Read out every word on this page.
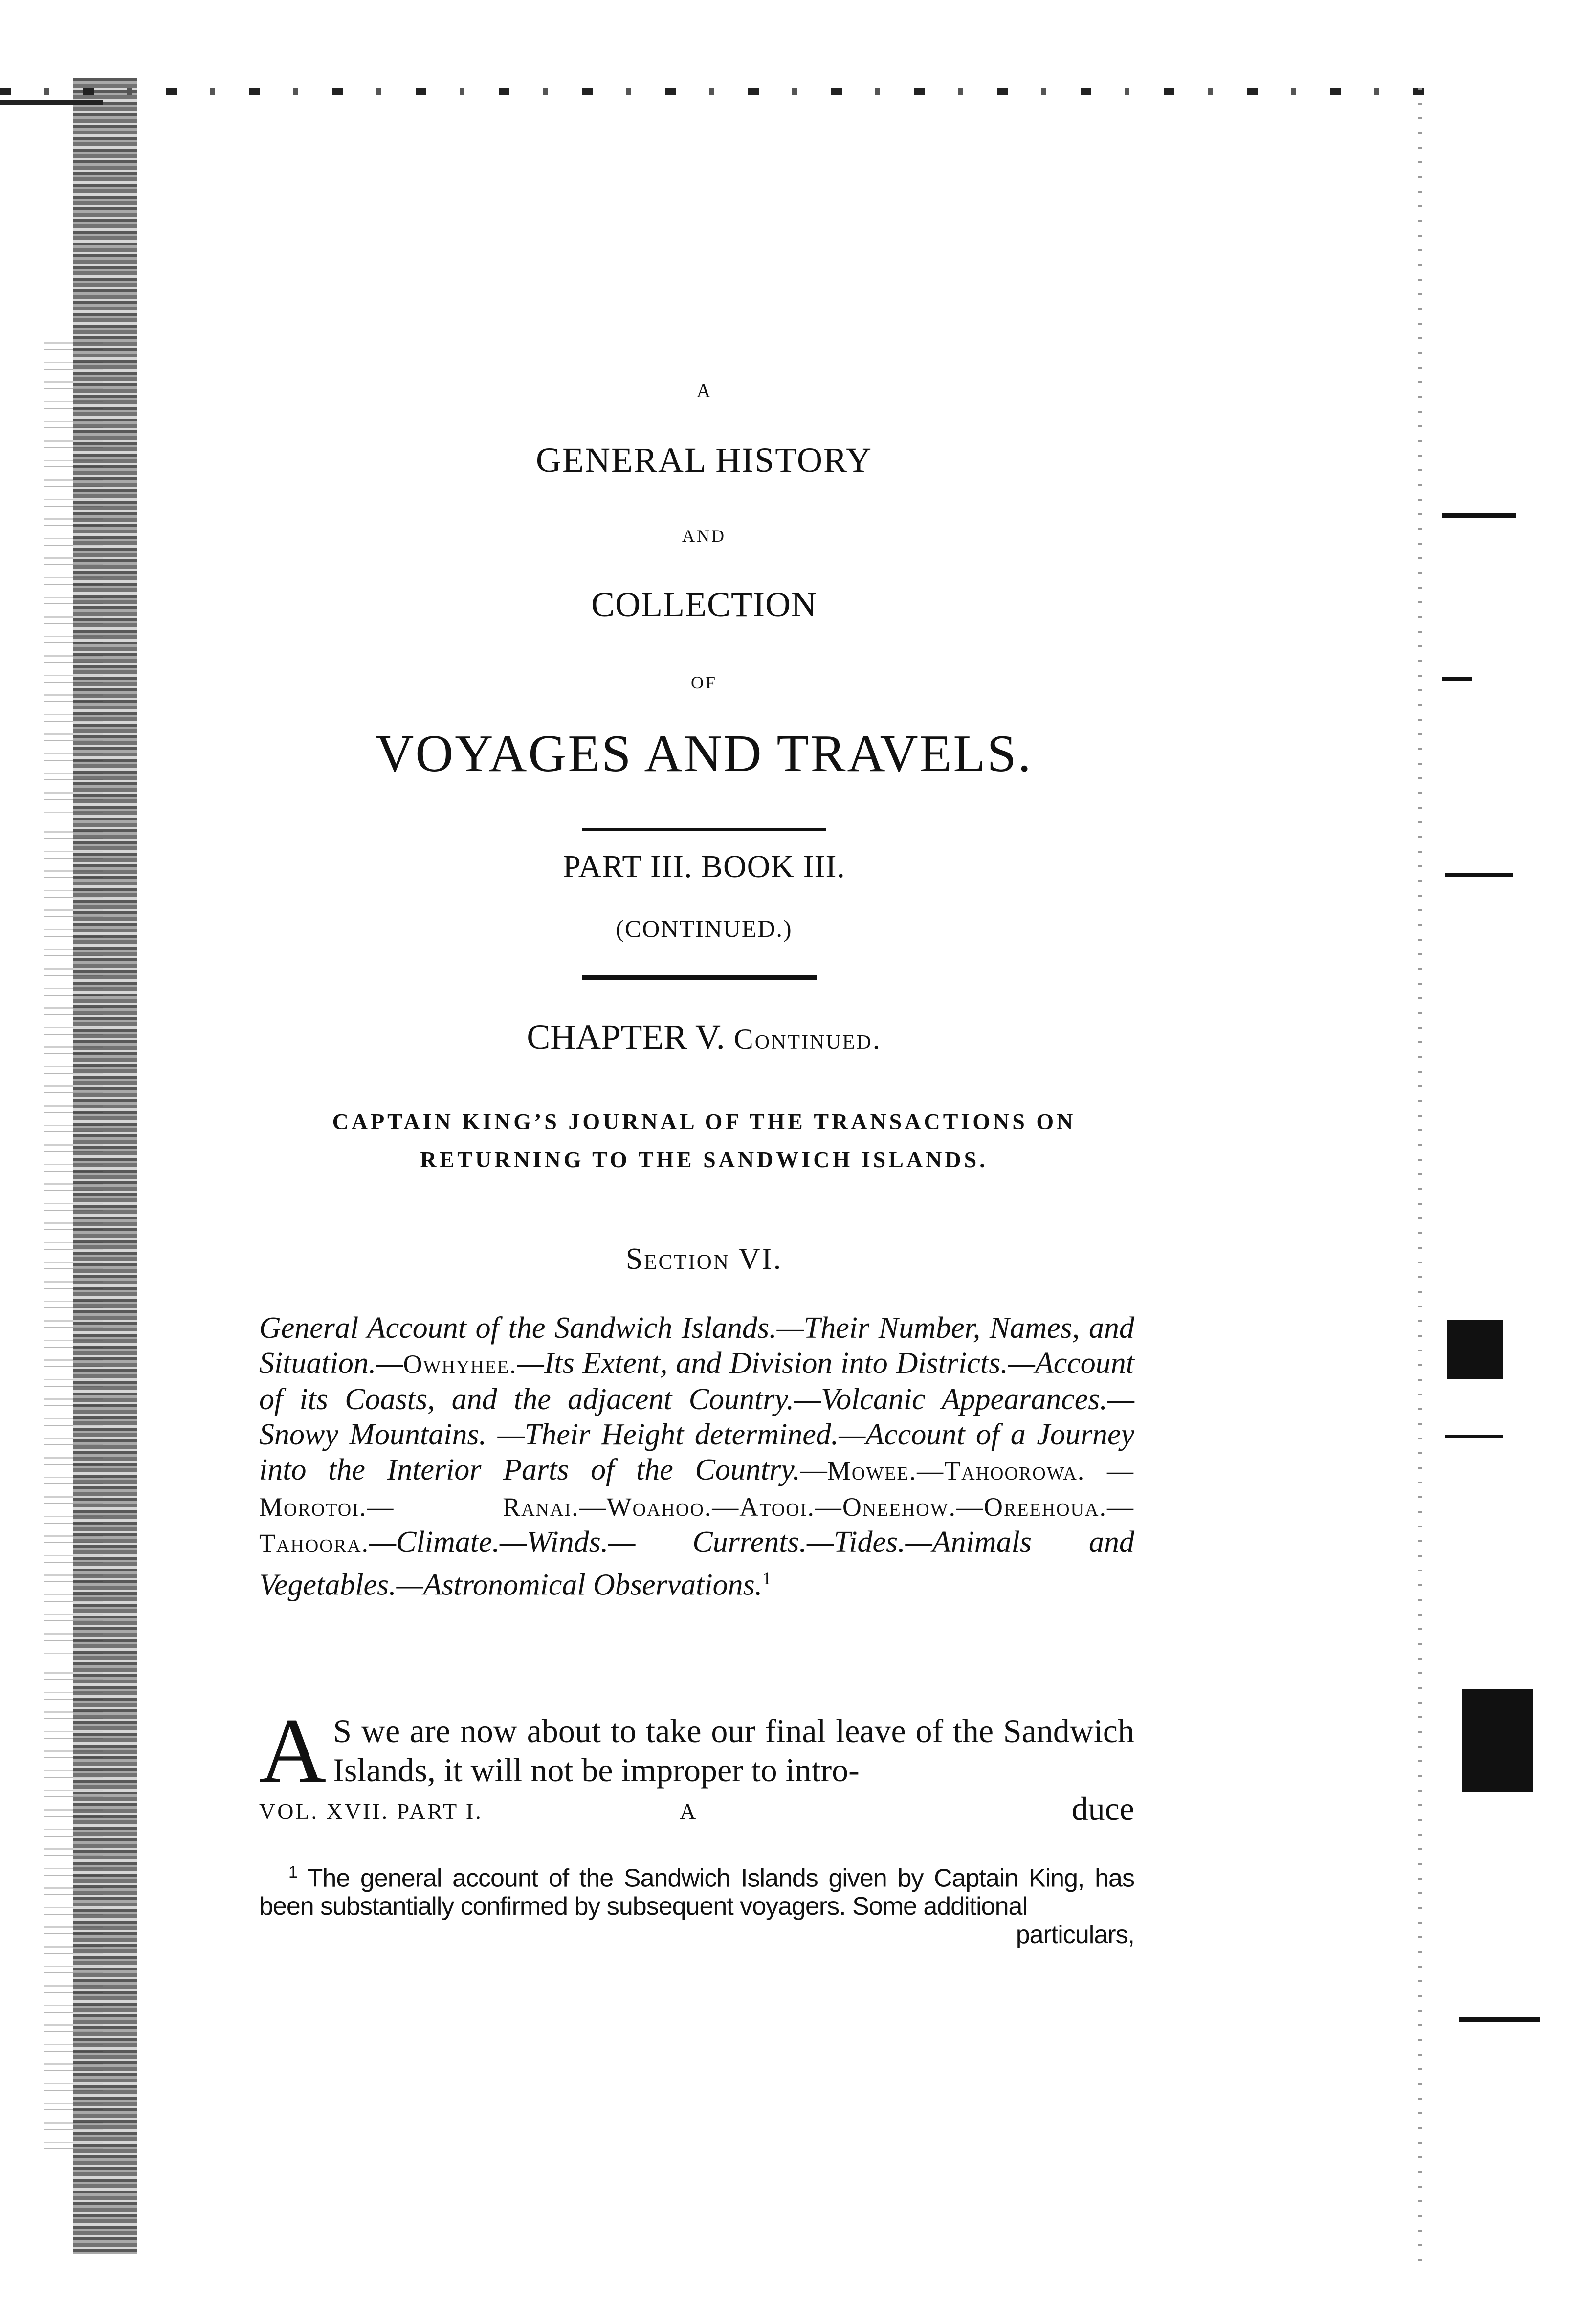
A

GENERAL HISTORY

AND

COLLECTION

OF

VOYAGES AND TRAVELS.

PART III. BOOK III.

(CONTINUED.)

CHAPTER V. Continued.

CAPTAIN KING’S JOURNAL OF THE TRANSACTIONS ON
RETURNING TO THE SANDWICH ISLANDS.

Section VI.

General Account of the Sandwich Islands.—Their Number, Names, and Situation.—Owhyhee.—Its Extent, and Division into Districts.—Account of its Coasts, and the adjacent Country.—Volcanic Appearances.—Snowy Mountains. —Their Height determined.—Account of a Journey into the Interior Parts of the Country.—Mowee.—Tahoorowa. —Morotoi.— Ranai.—Woahoo.—Atooi.—Oneehow.—Oreehoua.—Tahoora.—Climate.—Winds.— Currents.—Tides.—Animals and Vegetables.—Astronomical Observations.$^1$

A S we are now about to take our final leave of the Sandwich Islands, it will not be improper to intro-

VOL. XVII. PART I.	A	duce

$^1$ The general account of the Sandwich Islands given by Captain King, has been substantially confirmed by subsequent voyagers. Some additional
particulars,
